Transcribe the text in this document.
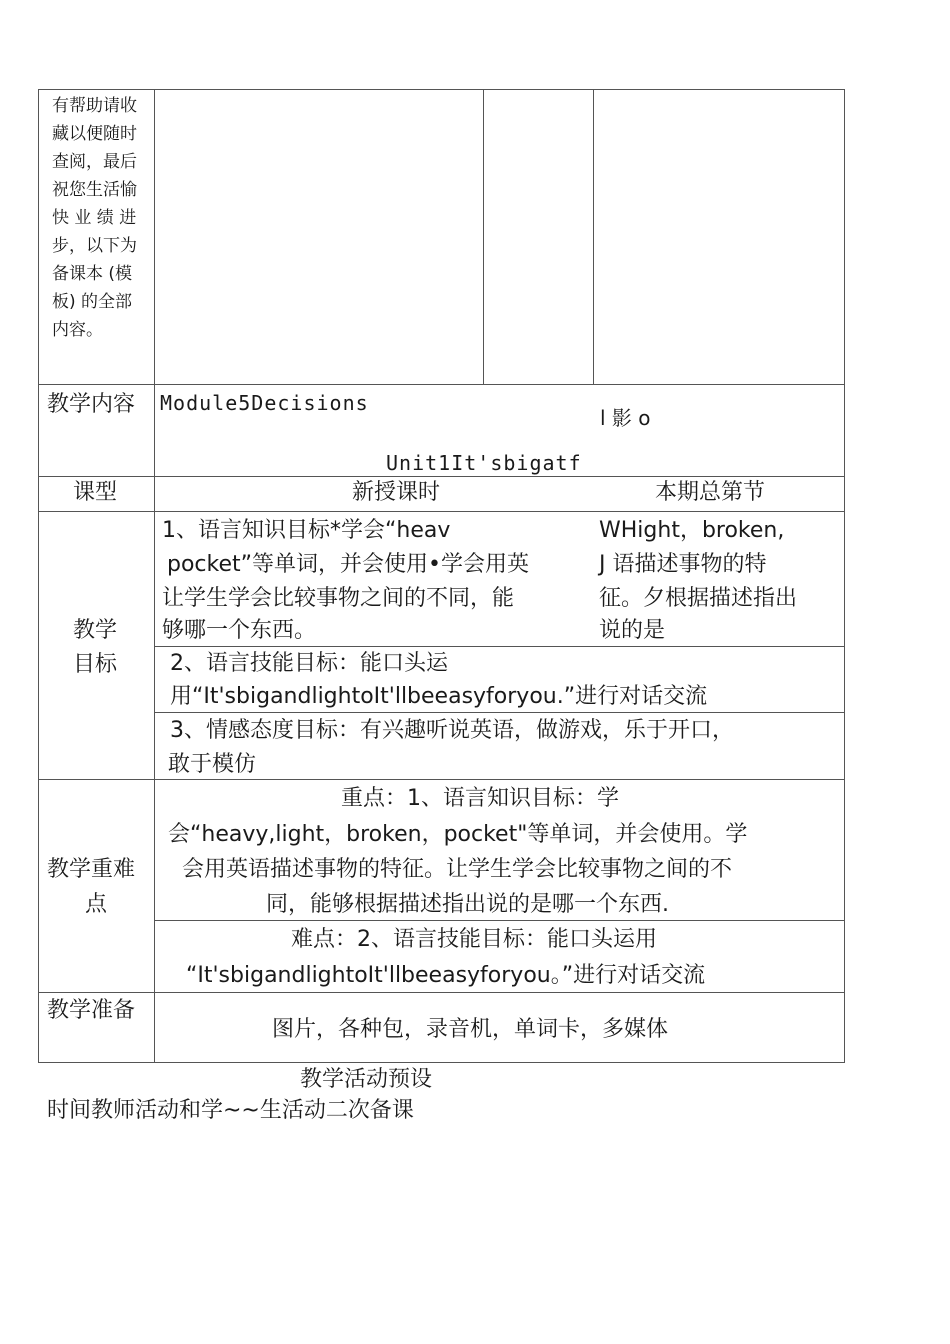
有帮助请收
藏以便随时
查阅，最后
祝您生活愉
快 业 绩 进
步，以下为
备课本 (模
板) 的全部
内容。
教学内容 Module5Decisions
l 影 o
Unit1It'sbigatf
课型	新授课时	本期总第节
教学
目标
1、语言知识目标*学会“heav
pocket”等单词，并会使用•学会用英
让学生学会比较事物之间的不同，能
够哪一个东西。
WHight，broken,
J 语描述事物的特
征。夕根据描述指出
说的是
2、语言技能目标：能口头运
用“It'sbigandlightoIt'llbeeasyforyou.”进行对话交流
3、情感态度目标：有兴趣听说英语，做游戏，乐于开口，
敢于模仿
教学重难
点
重点：1、语言知识目标：学
会“heavy,light，broken，pocket"等单词，并会使用。学
会用英语描述事物的特征。让学生学会比较事物之间的不
同，能够根据描述指出说的是哪一个东西.
难点：2、语言技能目标：能口头运用
“It'sbigandlightoIt'llbeeasyforyou。”进行对话交流
教学准备
图片，各种包，录音机，单词卡，多媒体
教学活动预设
时间教师活动和学~~生活动二次备课
